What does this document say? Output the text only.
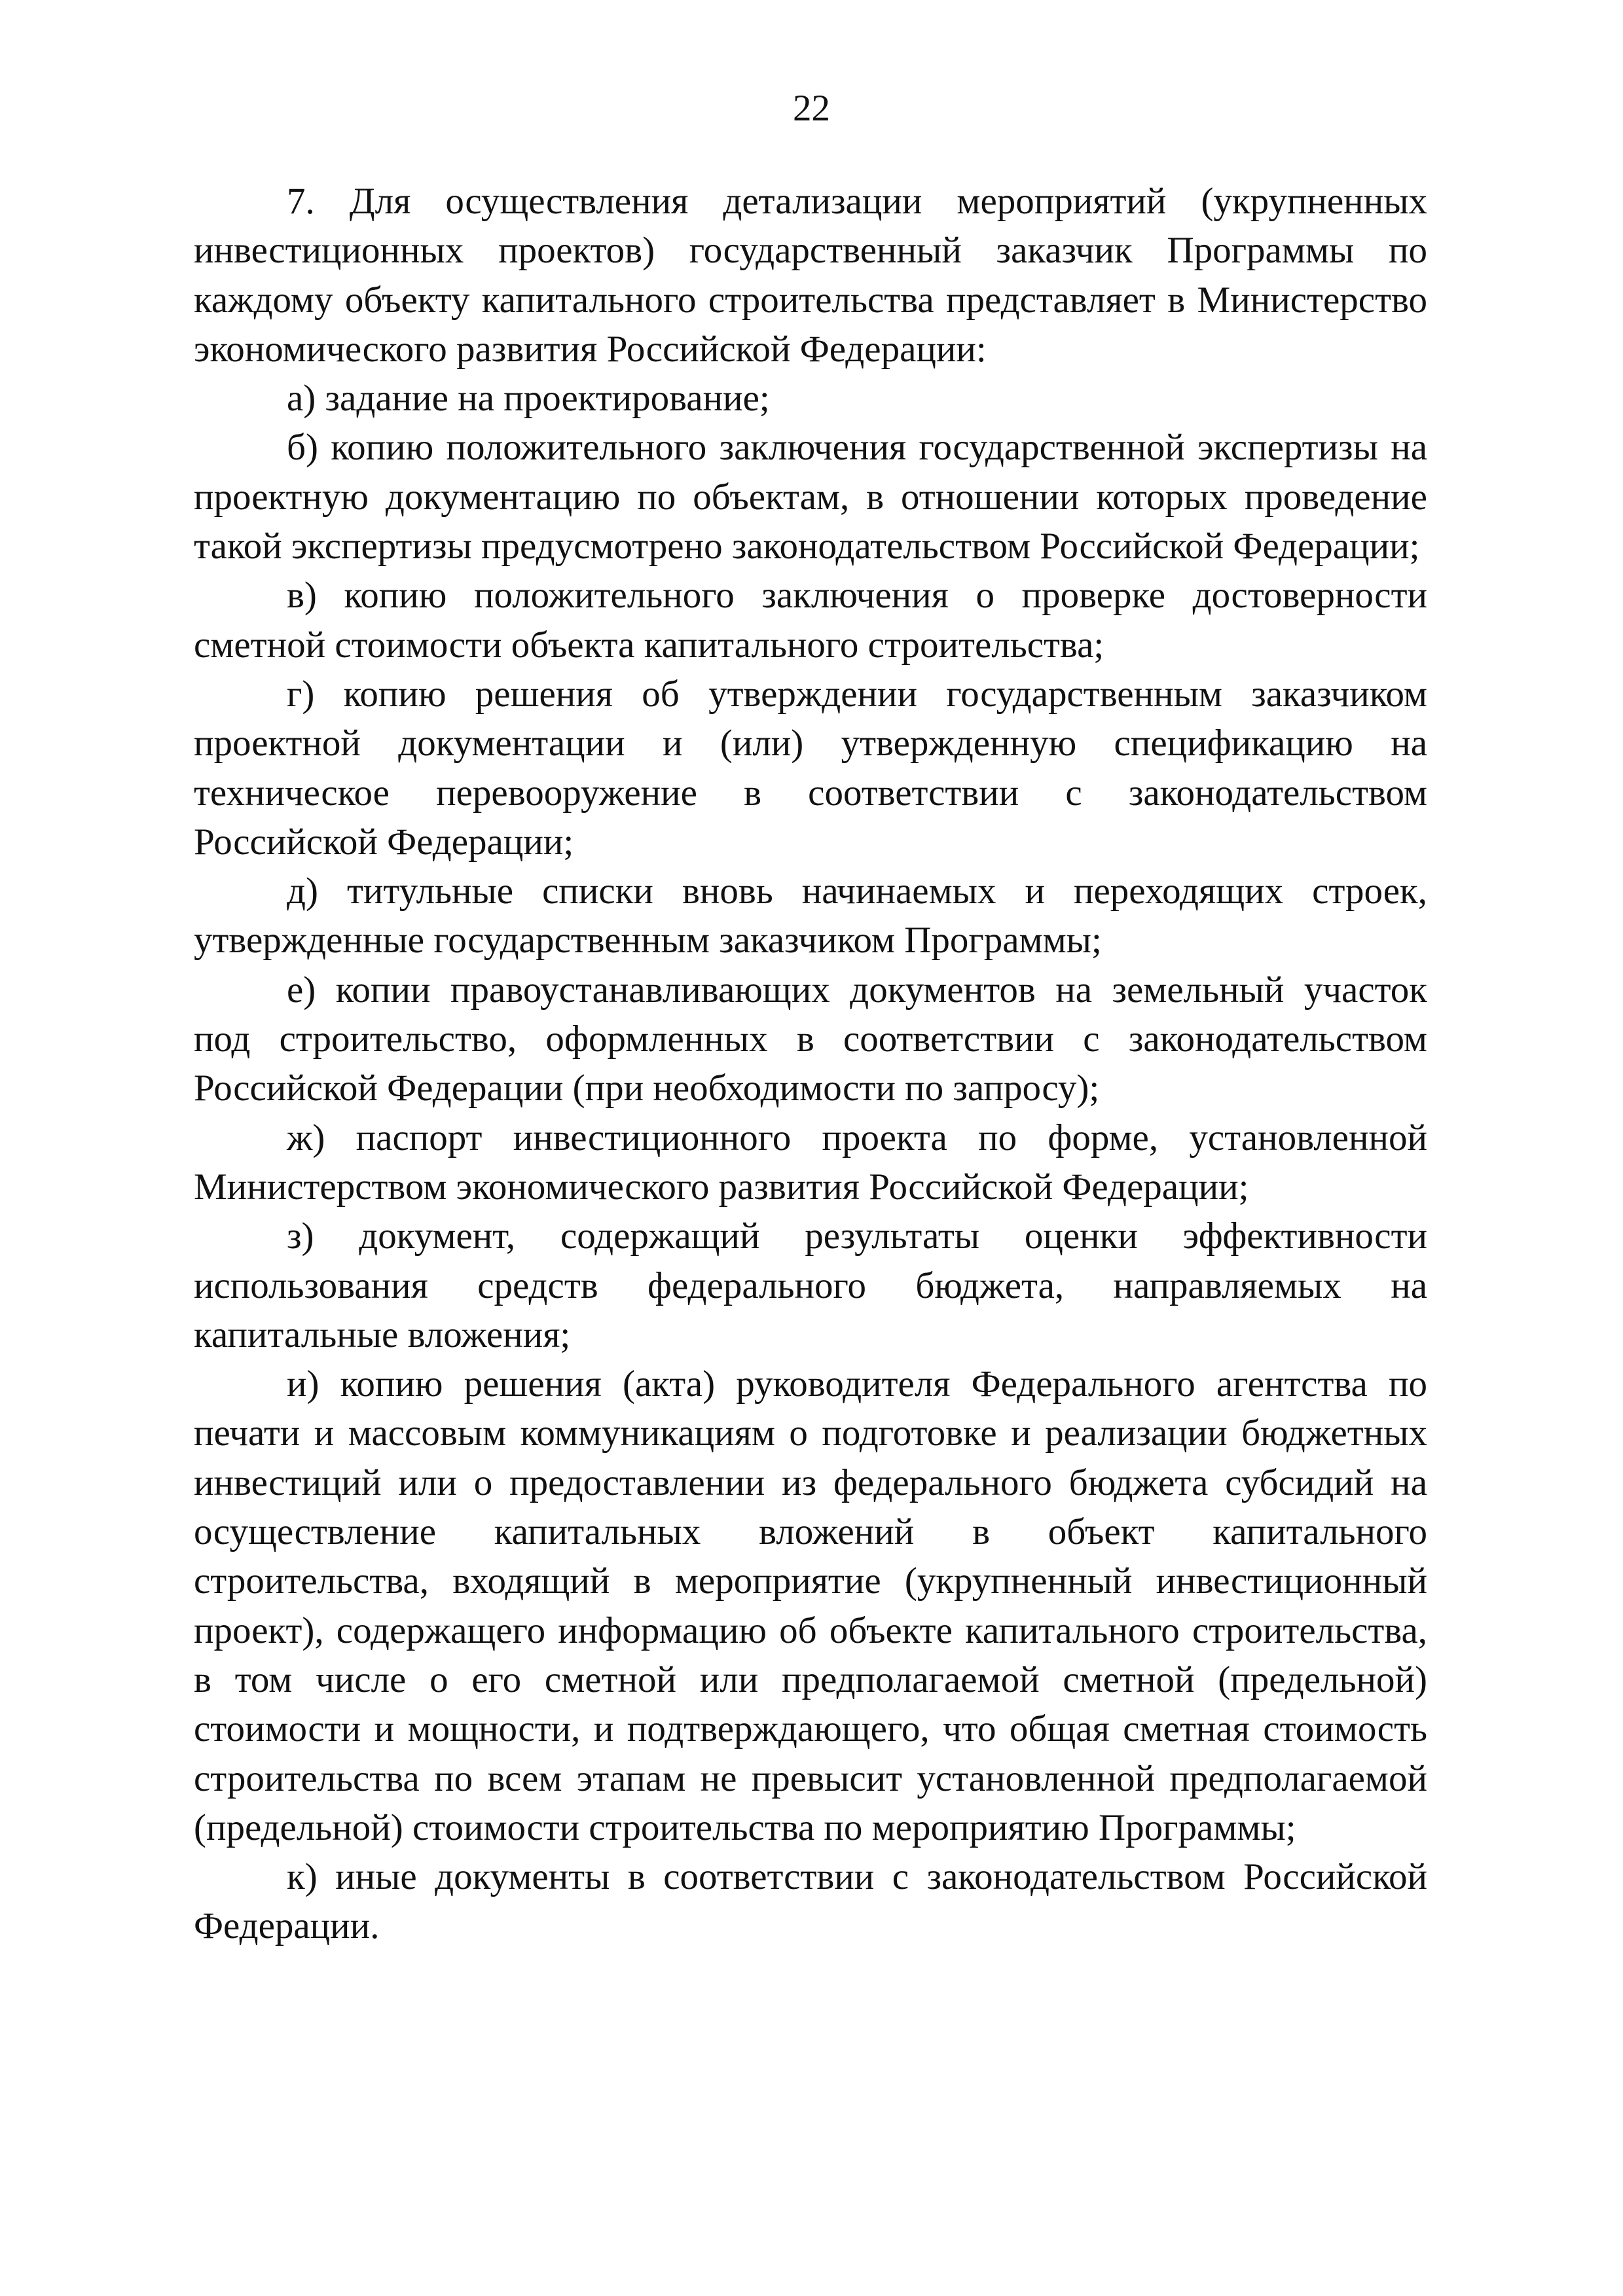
22

7. Для осуществления детализации мероприятий (укрупненных инвестиционных проектов) государственный заказчик Программы по каждому объекту капитального строительства представляет в Министерство экономического развития Российской Федерации:

а) задание на проектирование;

б) копию положительного заключения государственной экспертизы на проектную документацию по объектам, в отношении которых проведение такой экспертизы предусмотрено законодательством Российской Федерации;

в) копию положительного заключения о проверке достоверности сметной стоимости объекта капитального строительства;

г) копию решения об утверждении государственным заказчиком проектной документации и (или) утвержденную спецификацию на техническое перевооружение в соответствии с законодательством Российской Федерации;

д) титульные списки вновь начинаемых и переходящих строек, утвержденные государственным заказчиком Программы;

е) копии правоустанавливающих документов на земельный участок под строительство, оформленных в соответствии с законодательством Российской Федерации (при необходимости по запросу);

ж) паспорт инвестиционного проекта по форме, установленной Министерством экономического развития Российской Федерации;

з) документ, содержащий результаты оценки эффективности использования средств федерального бюджета, направляемых на капитальные вложения;

и) копию решения (акта) руководителя Федерального агентства по печати и массовым коммуникациям о подготовке и реализации бюджетных инвестиций или о предоставлении из федерального бюджета субсидий на осуществление капитальных вложений в объект капитального строительства, входящий в мероприятие (укрупненный инвестиционный проект), содержащего информацию об объекте капитального строительства, в том числе о его сметной или предполагаемой сметной (предельной) стоимости и мощности, и подтверждающего, что общая сметная стоимость строительства по всем этапам не превысит установленной предполагаемой (предельной) стоимости строительства по мероприятию Программы;

к) иные документы в соответствии с законодательством Российской Федерации.
